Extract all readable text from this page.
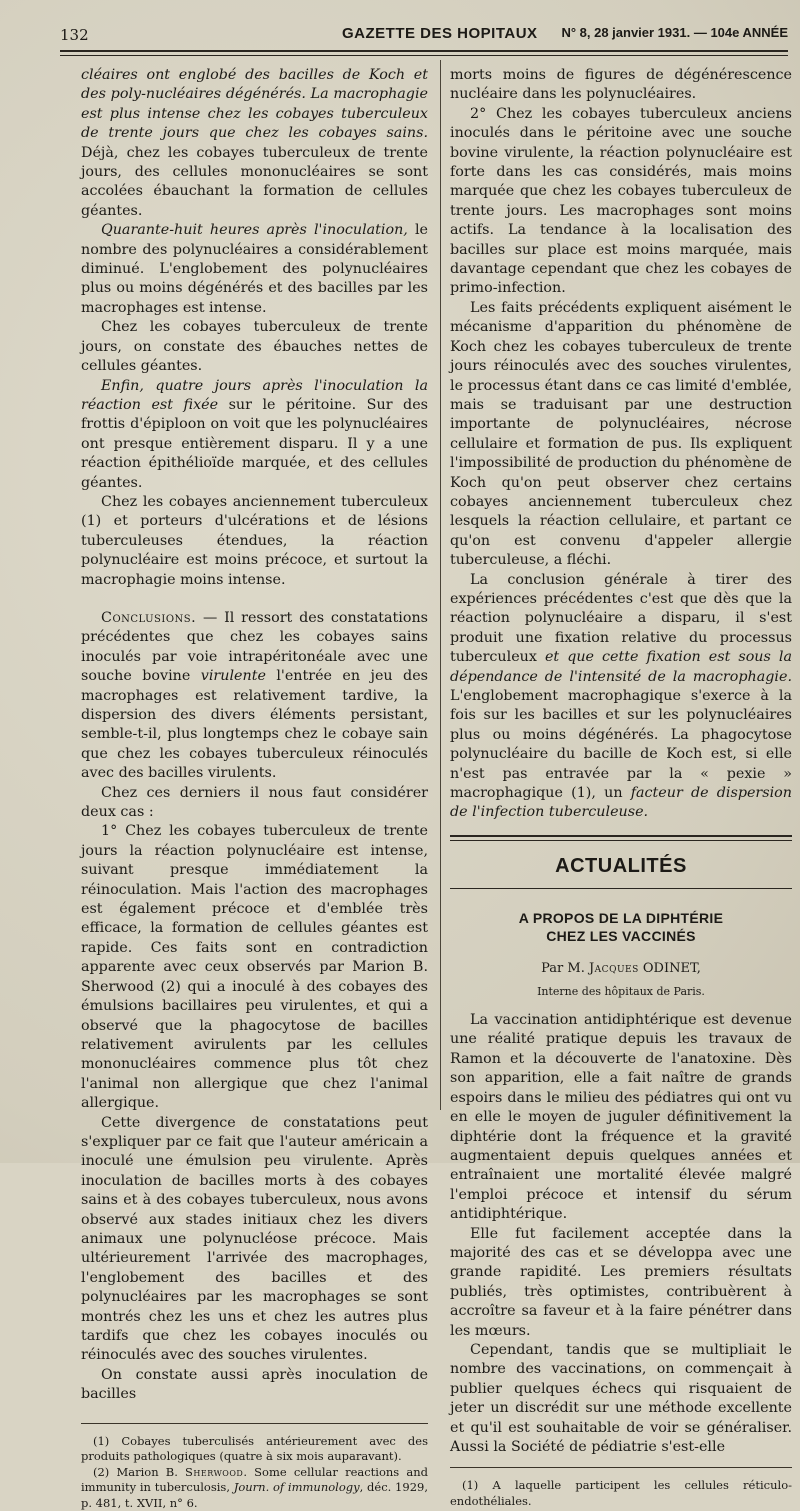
132	GAZETTE DES HOPITAUX N° 8, 28 janvier 1931. — 104e ANNÉE

cléaires ont englobé des bacilles de Koch et des poly-nucléaires dégénérés. La macrophagie est plus intense chez les cobayes tuberculeux de trente jours que chez les cobayes sains. Déjà, chez les cobayes tuberculeux de trente jours, des cellules mononucléaires se sont accolées ébauchant la formation de cellules géantes.

Quarante-huit heures après l'inoculation, le nombre des polynucléaires a considérablement diminué. L'englobement des polynucléaires plus ou moins dégénérés et des bacilles par les macrophages est intense.

Chez les cobayes tuberculeux de trente jours, on constate des ébauches nettes de cellules géantes.

Enfin, quatre jours après l'inoculation la réaction est fixée sur le péritoine. Sur des frottis d'épiploon on voit que les polynucléaires ont presque entièrement disparu. Il y a une réaction épithélioïde marquée, et des cellules géantes.

Chez les cobayes anciennement tuberculeux (1) et porteurs d'ulcérations et de lésions tuberculeuses étendues, la réaction polynucléaire est moins précoce, et surtout la macrophagie moins intense.

Conclusions. — Il ressort des constatations précédentes que chez les cobayes sains inoculés par voie intrapéritonéale avec une souche bovine virulente l'entrée en jeu des macrophages est relativement tardive, la dispersion des divers éléments persistant, semble-t-il, plus longtemps chez le cobaye sain que chez les cobayes tuberculeux réinoculés avec des bacilles virulents.

Chez ces derniers il nous faut considérer deux cas :

1° Chez les cobayes tuberculeux de trente jours la réaction polynucléaire est intense, suivant presque immédiatement la réinoculation. Mais l'action des macrophages est également précoce et d'emblée très efficace, la formation de cellules géantes est rapide. Ces faits sont en contradiction apparente avec ceux observés par Marion B. Sherwood (2) qui a inoculé à des cobayes des émulsions bacillaires peu virulentes, et qui a observé que la phagocytose de bacilles relativement avirulents par les cellules mononucléaires commence plus tôt chez l'animal non allergique que chez l'animal allergique.

Cette divergence de constatations peut s'expliquer par ce fait que l'auteur américain a inoculé une émulsion peu virulente. Après inoculation de bacilles morts à des cobayes sains et à des cobayes tuberculeux, nous avons observé aux stades initiaux chez les divers animaux une polynucléose précoce. Mais ultérieurement l'arrivée des macrophages, l'englobement des bacilles et des polynucléaires par les macrophages se sont montrés chez les uns et chez les autres plus tardifs que chez les cobayes inoculés ou réinoculés avec des souches virulentes.

On constate aussi après inoculation de bacilles

(1) Cobayes tuberculisés antérieurement avec des produits pathologiques (quatre à six mois auparavant).

(2) Marion B. Sherwood. Some cellular reactions and immunity in tuberculosis, Journ. of immunology, déc. 1929, p. 481, t. XVII, n° 6.

morts moins de figures de dégénérescence nucléaire dans les polynucléaires.

2° Chez les cobayes tuberculeux anciens inoculés dans le péritoine avec une souche bovine virulente, la réaction polynucléaire est forte dans les cas considérés, mais moins marquée que chez les cobayes tuberculeux de trente jours. Les macrophages sont moins actifs. La tendance à la localisation des bacilles sur place est moins marquée, mais davantage cependant que chez les cobayes de primo-infection.

Les faits précédents expliquent aisément le mécanisme d'apparition du phénomène de Koch chez les cobayes tuberculeux de trente jours réinoculés avec des souches virulentes, le processus étant dans ce cas limité d'emblée, mais se traduisant par une destruction importante de polynucléaires, nécrose cellulaire et formation de pus. Ils expliquent l'impossibilité de production du phénomène de Koch qu'on peut observer chez certains cobayes anciennement tuberculeux chez lesquels la réaction cellulaire, et partant ce qu'on est convenu d'appeler allergie tuberculeuse, a fléchi.

La conclusion générale à tirer des expériences précédentes c'est que dès que la réaction polynucléaire a disparu, il s'est produit une fixation relative du processus tuberculeux et que cette fixation est sous la dépendance de l'intensité de la macrophagie. L'englobement macrophagique s'exerce à la fois sur les bacilles et sur les polynucléaires plus ou moins dégénérés. La phagocytose polynucléaire du bacille de Koch est, si elle n'est pas entravée par la « pexie » macrophagique (1), un facteur de dispersion de l'infection tuberculeuse.

ACTUALITÉS
A PROPOS DE LA DIPHTÉRIE
CHEZ LES VACCINÉS
Par M. Jacques ODINET,
Interne des hôpitaux de Paris.

La vaccination antidiphtérique est devenue une réalité pratique depuis les travaux de Ramon et la découverte de l'anatoxine. Dès son apparition, elle a fait naître de grands espoirs dans le milieu des pédiatres qui ont vu en elle le moyen de juguler définitivement la diphtérie dont la fréquence et la gravité augmentaient depuis quelques années et entraînaient une mortalité élevée malgré l'emploi précoce et intensif du sérum antidiphtérique.

Elle fut facilement acceptée dans la majorité des cas et se développa avec une grande rapidité. Les premiers résultats publiés, très optimistes, contribuèrent à accroître sa faveur et à la faire pénétrer dans les mœurs.

Cependant, tandis que se multipliait le nombre des vaccinations, on commençait à publier quelques échecs qui risquaient de jeter un discrédit sur une méthode excellente et qu'il est souhaitable de voir se généraliser. Aussi la Société de pédiatrie s'est-elle

(1) A laquelle participent les cellules réticulo-endothéliales.
